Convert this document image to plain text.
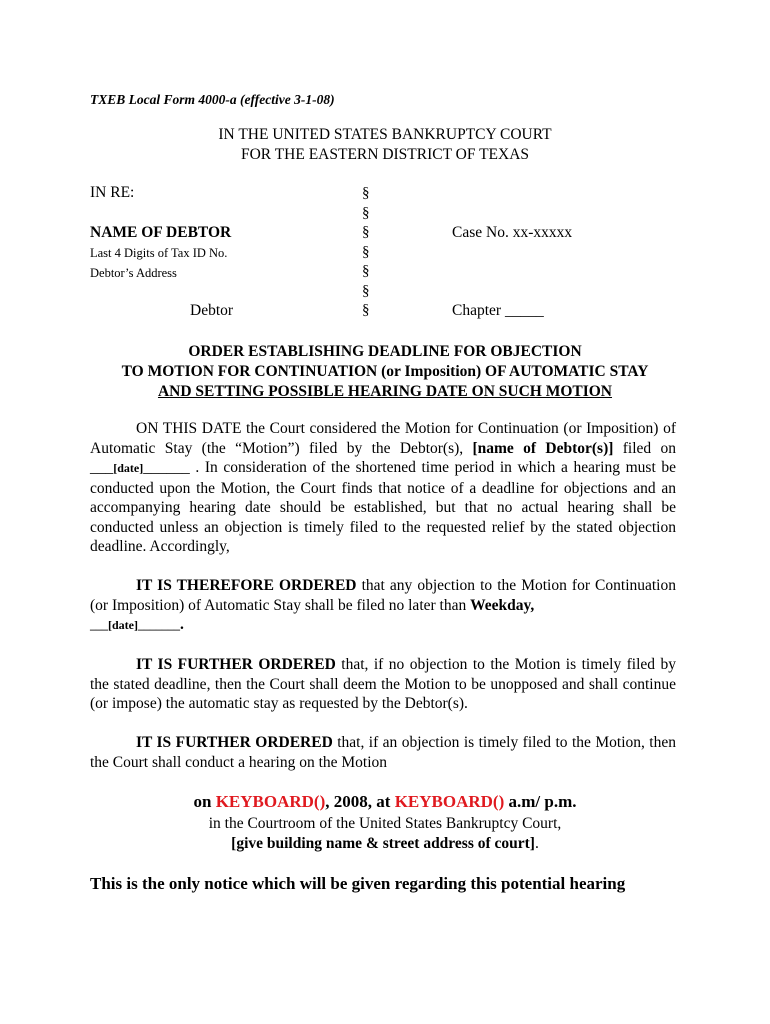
TXEB Local Form 4000-a (effective 3-1-08)
IN THE UNITED STATES BANKRUPTCY COURT
FOR THE EASTERN DISTRICT OF TEXAS
IN RE:
NAME OF DEBTOR
Last 4 Digits of Tax ID No.
Debtor’s Address
Debtor
§
§
§
§
§
§
§
Case No. xx-xxxxx
Chapter _____
ORDER ESTABLISHING DEADLINE FOR OBJECTION
TO MOTION FOR CONTINUATION (or Imposition) OF AUTOMATIC STAY
AND SETTING POSSIBLE HEARING DATE ON SUCH MOTION
ON THIS DATE the Court considered the Motion for Continuation (or Imposition) of Automatic Stay (the “Motion”) filed by the Debtor(s), [name of Debtor(s)] filed on ___[date]______ . In consideration of the shortened time period in which a hearing must be conducted upon the Motion, the Court finds that notice of a deadline for objections and an accompanying hearing date should be established, but that no actual hearing shall be conducted unless an objection is timely filed to the requested relief by the stated objection deadline. Accordingly,
IT IS THEREFORE ORDERED that any objection to the Motion for Continuation (or Imposition) of Automatic Stay shall be filed no later than Weekday,
___[date]_______.
IT IS FURTHER ORDERED that, if no objection to the Motion is timely filed by the stated deadline, then the Court shall deem the Motion to be unopposed and shall continue (or impose) the automatic stay as requested by the Debtor(s).
IT IS FURTHER ORDERED that, if an objection is timely filed to the Motion, then the Court shall conduct a hearing on the Motion
on KEYBOARD(), 2008, at KEYBOARD() a.m/ p.m.
in the Courtroom of the United States Bankruptcy Court,
[give building name & street address of court].
This is the only notice which will be given regarding this potential hearing
